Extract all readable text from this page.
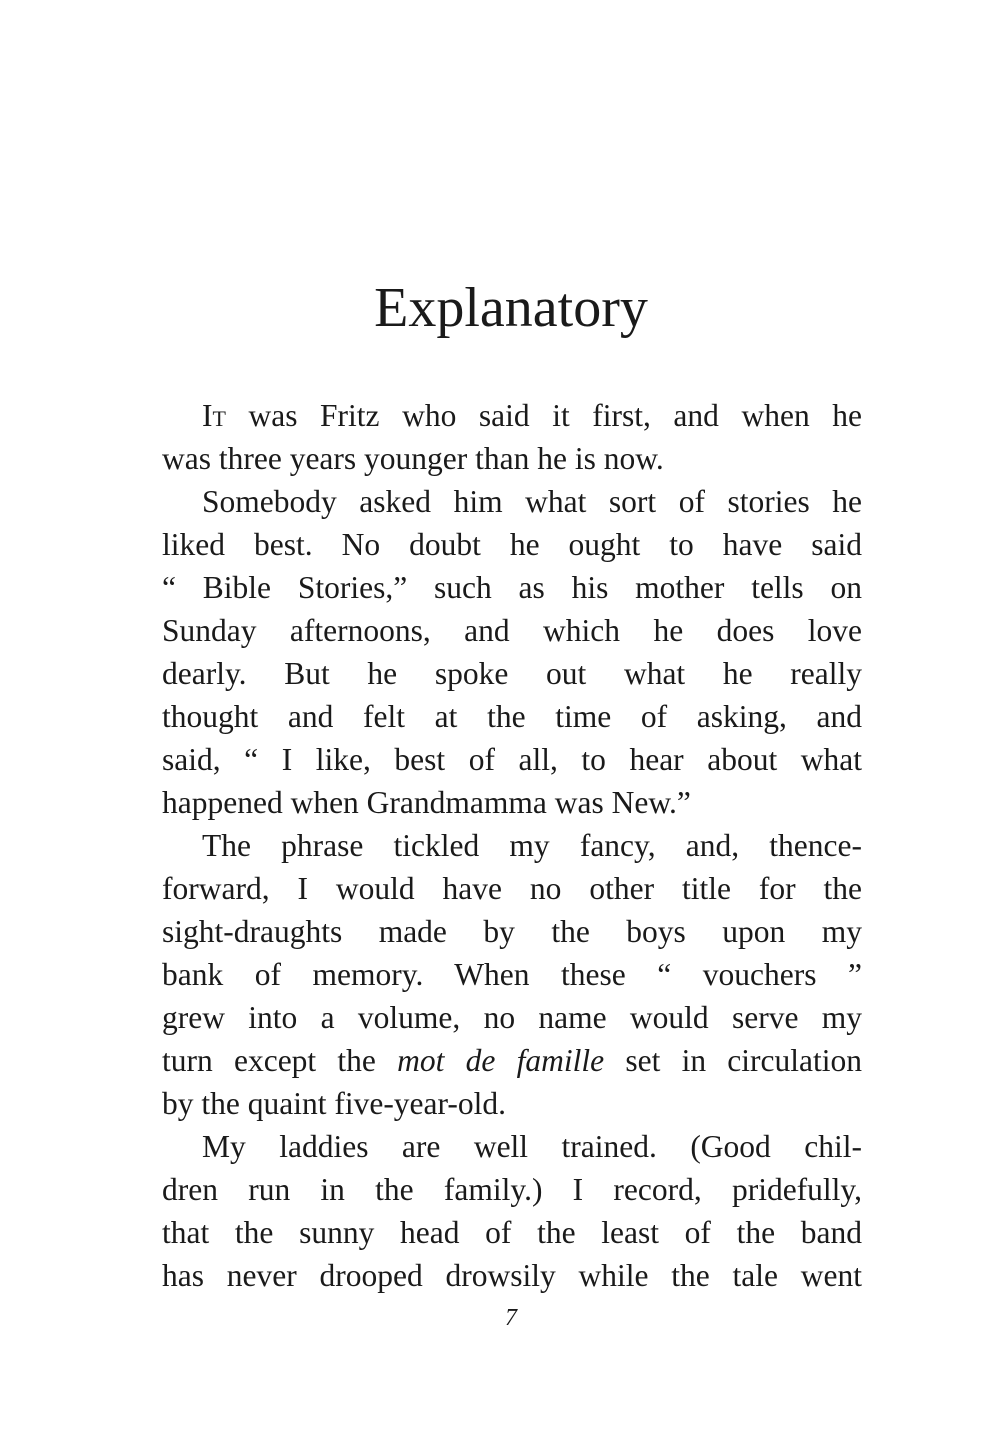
Explanatory
It was Fritz who said it first, and when he
was three years younger than he is now.
Somebody asked him what sort of stories he
liked best. No doubt he ought to have said
“ Bible Stories,” such as his mother tells on
Sunday afternoons, and which he does love
dearly. But he spoke out what he really
thought and felt at the time of asking, and
said, “ I like, best of all, to hear about what
happened when Grandmamma was New.”
The phrase tickled my fancy, and, thence-
forward, I would have no other title for the
sight-draughts made by the boys upon my
bank of memory. When these “ vouchers ”
grew into a volume, no name would serve my
turn except the mot de famille set in circulation
by the quaint five-year-old.
My laddies are well trained. (Good chil-
dren run in the family.) I record, pridefully,
that the sunny head of the least of the band
has never drooped drowsily while the tale went
7
